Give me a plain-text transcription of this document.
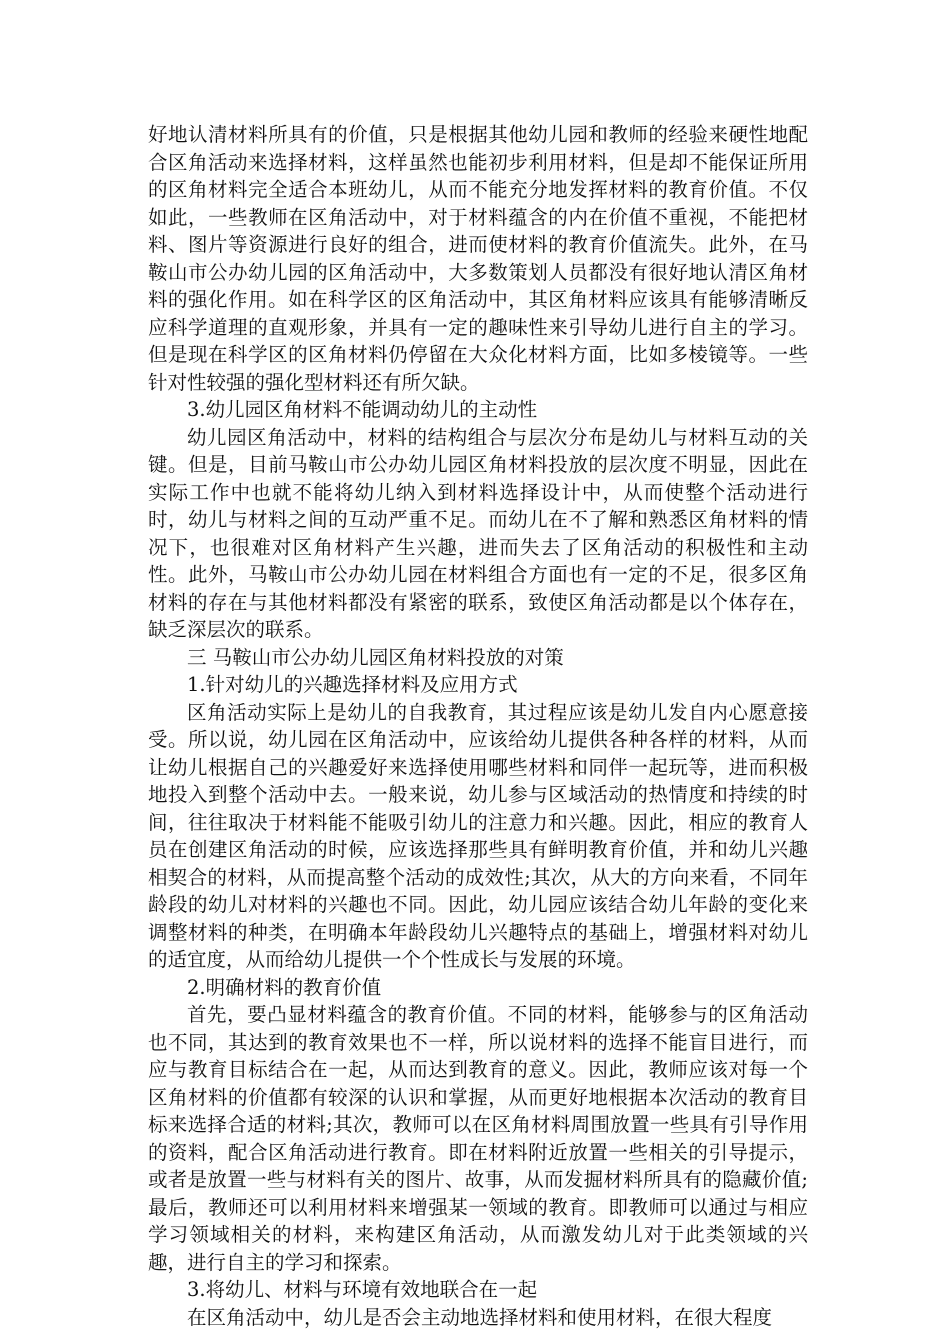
好地认清材料所具有的价值，只是根据其他幼儿园和教师的经验来硬性地配合区角活动来选择材料，这样虽然也能初步利用材料，但是却不能保证所用的区角材料完全适合本班幼儿，从而不能充分地发挥材料的教育价值。不仅如此，一些教师在区角活动中，对于材料蕴含的内在价值不重视，不能把材料、图片等资源进行良好的组合，进而使材料的教育价值流失。此外，在马鞍山市公办幼儿园的区角活动中，大多数策划人员都没有很好地认清区角材料的强化作用。如在科学区的区角活动中，其区角材料应该具有能够清晰反应科学道理的直观形象，并具有一定的趣味性来引导幼儿进行自主的学习。但是现在科学区的区角材料仍停留在大众化材料方面，比如多棱镜等。一些针对性较强的强化型材料还有所欠缺。

3.幼儿园区角材料不能调动幼儿的主动性

幼儿园区角活动中，材料的结构组合与层次分布是幼儿与材料互动的关键。但是，目前马鞍山市公办幼儿园区角材料投放的层次度不明显，因此在实际工作中也就不能将幼儿纳入到材料选择设计中，从而使整个活动进行时，幼儿与材料之间的互动严重不足。而幼儿在不了解和熟悉区角材料的情况下，也很难对区角材料产生兴趣，进而失去了区角活动的积极性和主动性。此外，马鞍山市公办幼儿园在材料组合方面也有一定的不足，很多区角材料的存在与其他材料都没有紧密的联系，致使区角活动都是以个体存在，缺乏深层次的联系。

三 马鞍山市公办幼儿园区角材料投放的对策

1.针对幼儿的兴趣选择材料及应用方式

区角活动实际上是幼儿的自我教育，其过程应该是幼儿发自内心愿意接受。所以说，幼儿园在区角活动中，应该给幼儿提供各种各样的材料，从而让幼儿根据自己的兴趣爱好来选择使用哪些材料和同伴一起玩等，进而积极地投入到整个活动中去。一般来说，幼儿参与区域活动的热情度和持续的时间，往往取决于材料能不能吸引幼儿的注意力和兴趣。因此，相应的教育人员在创建区角活动的时候，应该选择那些具有鲜明教育价值，并和幼儿兴趣相契合的材料，从而提高整个活动的成效性;其次，从大的方向来看，不同年龄段的幼儿对材料的兴趣也不同。因此，幼儿园应该结合幼儿年龄的变化来调整材料的种类，在明确本年龄段幼儿兴趣特点的基础上，增强材料对幼儿的适宜度，从而给幼儿提供一个个性成长与发展的环境。

2.明确材料的教育价值

首先，要凸显材料蕴含的教育价值。不同的材料，能够参与的区角活动也不同，其达到的教育效果也不一样，所以说材料的选择不能盲目进行，而应与教育目标结合在一起，从而达到教育的意义。因此，教师应该对每一个区角材料的价值都有较深的认识和掌握，从而更好地根据本次活动的教育目标来选择合适的材料;其次，教师可以在区角材料周围放置一些具有引导作用的资料，配合区角活动进行教育。即在材料附近放置一些相关的引导提示，或者是放置一些与材料有关的图片、故事，从而发掘材料所具有的隐藏价值;最后，教师还可以利用材料来增强某一领域的教育。即教师可以通过与相应学习领域相关的材料，来构建区角活动，从而激发幼儿对于此类领域的兴趣，进行自主的学习和探索。

3.将幼儿、材料与环境有效地联合在一起

在区角活动中，幼儿是否会主动地选择材料和使用材料，在很大程度
